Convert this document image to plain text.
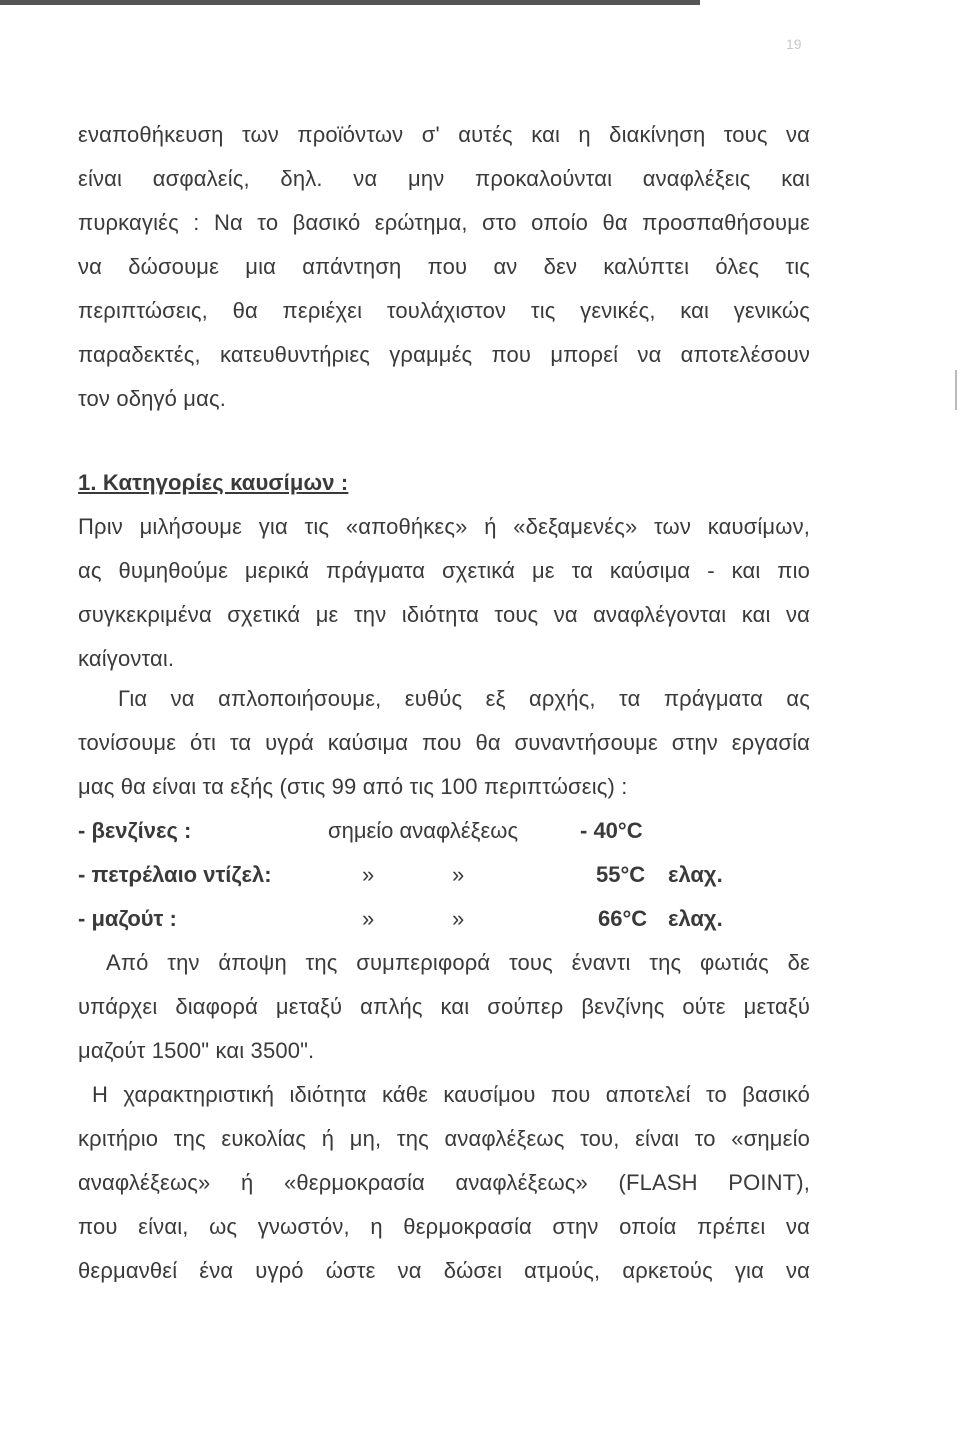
19
εναποθήκευση των προϊόντων σ' αυτές και η διακίνηση τους να
είναι ασφαλείς, δηλ. να μην προκαλούνται αναφλέξεις και
πυρκαγιές : Να το βασικό ερώτημα, στο οποίο θα προσπαθήσουμε
να δώσουμε μια απάντηση που αν δεν καλύπτει όλες τις
περιπτώσεις, θα περιέχει τουλάχιστον τις γενικές, και γενικώς
παραδεκτές, κατευθυντήριες γραμμές που μπορεί να αποτελέσουν
τον οδηγό μας.
1. Κατηγορίες καυσίμων :
Πριν μιλήσουμε για τις «αποθήκες» ή «δεξαμενές» των καυσίμων,
ας θυμηθούμε μερικά πράγματα σχετικά με τα καύσιμα - και πιο
συγκεκριμένα σχετικά με την ιδιότητα τους να αναφλέγονται και να
καίγονται.
Για να απλοποιήσουμε, ευθύς εξ αρχής, τα πράγματα ας
τονίσουμε ότι τα υγρά καύσιμα που θα συναντήσουμε στην εργασία
μας θα είναι τα εξής (στις 99 από τις 100 περιπτώσεις) :
- βενζίνες :	σημείο αναφλέξεως	- 40°C
- πετρέλαιο ντίζελ:	»	»	55°C ελαχ.
- μαζούτ :	»	»	66°C ελαχ.
Από την άποψη της συμπεριφορά τους έναντι της φωτιάς δε
υπάρχει διαφορά μεταξύ απλής και σούπερ βενζίνης ούτε μεταξύ
μαζούτ 1500" και 3500".
Η χαρακτηριστική ιδιότητα κάθε καυσίμου που αποτελεί το βασικό
κριτήριο της ευκολίας ή μη, της αναφλέξεως του, είναι το «σημείο
αναφλέξεως» ή «θερμοκρασία αναφλέξεως» (FLASH POINT),
που είναι, ως γνωστόν, η θερμοκρασία στην οποία πρέπει να
θερμανθεί ένα υγρό ώστε να δώσει ατμούς, αρκετούς για να
